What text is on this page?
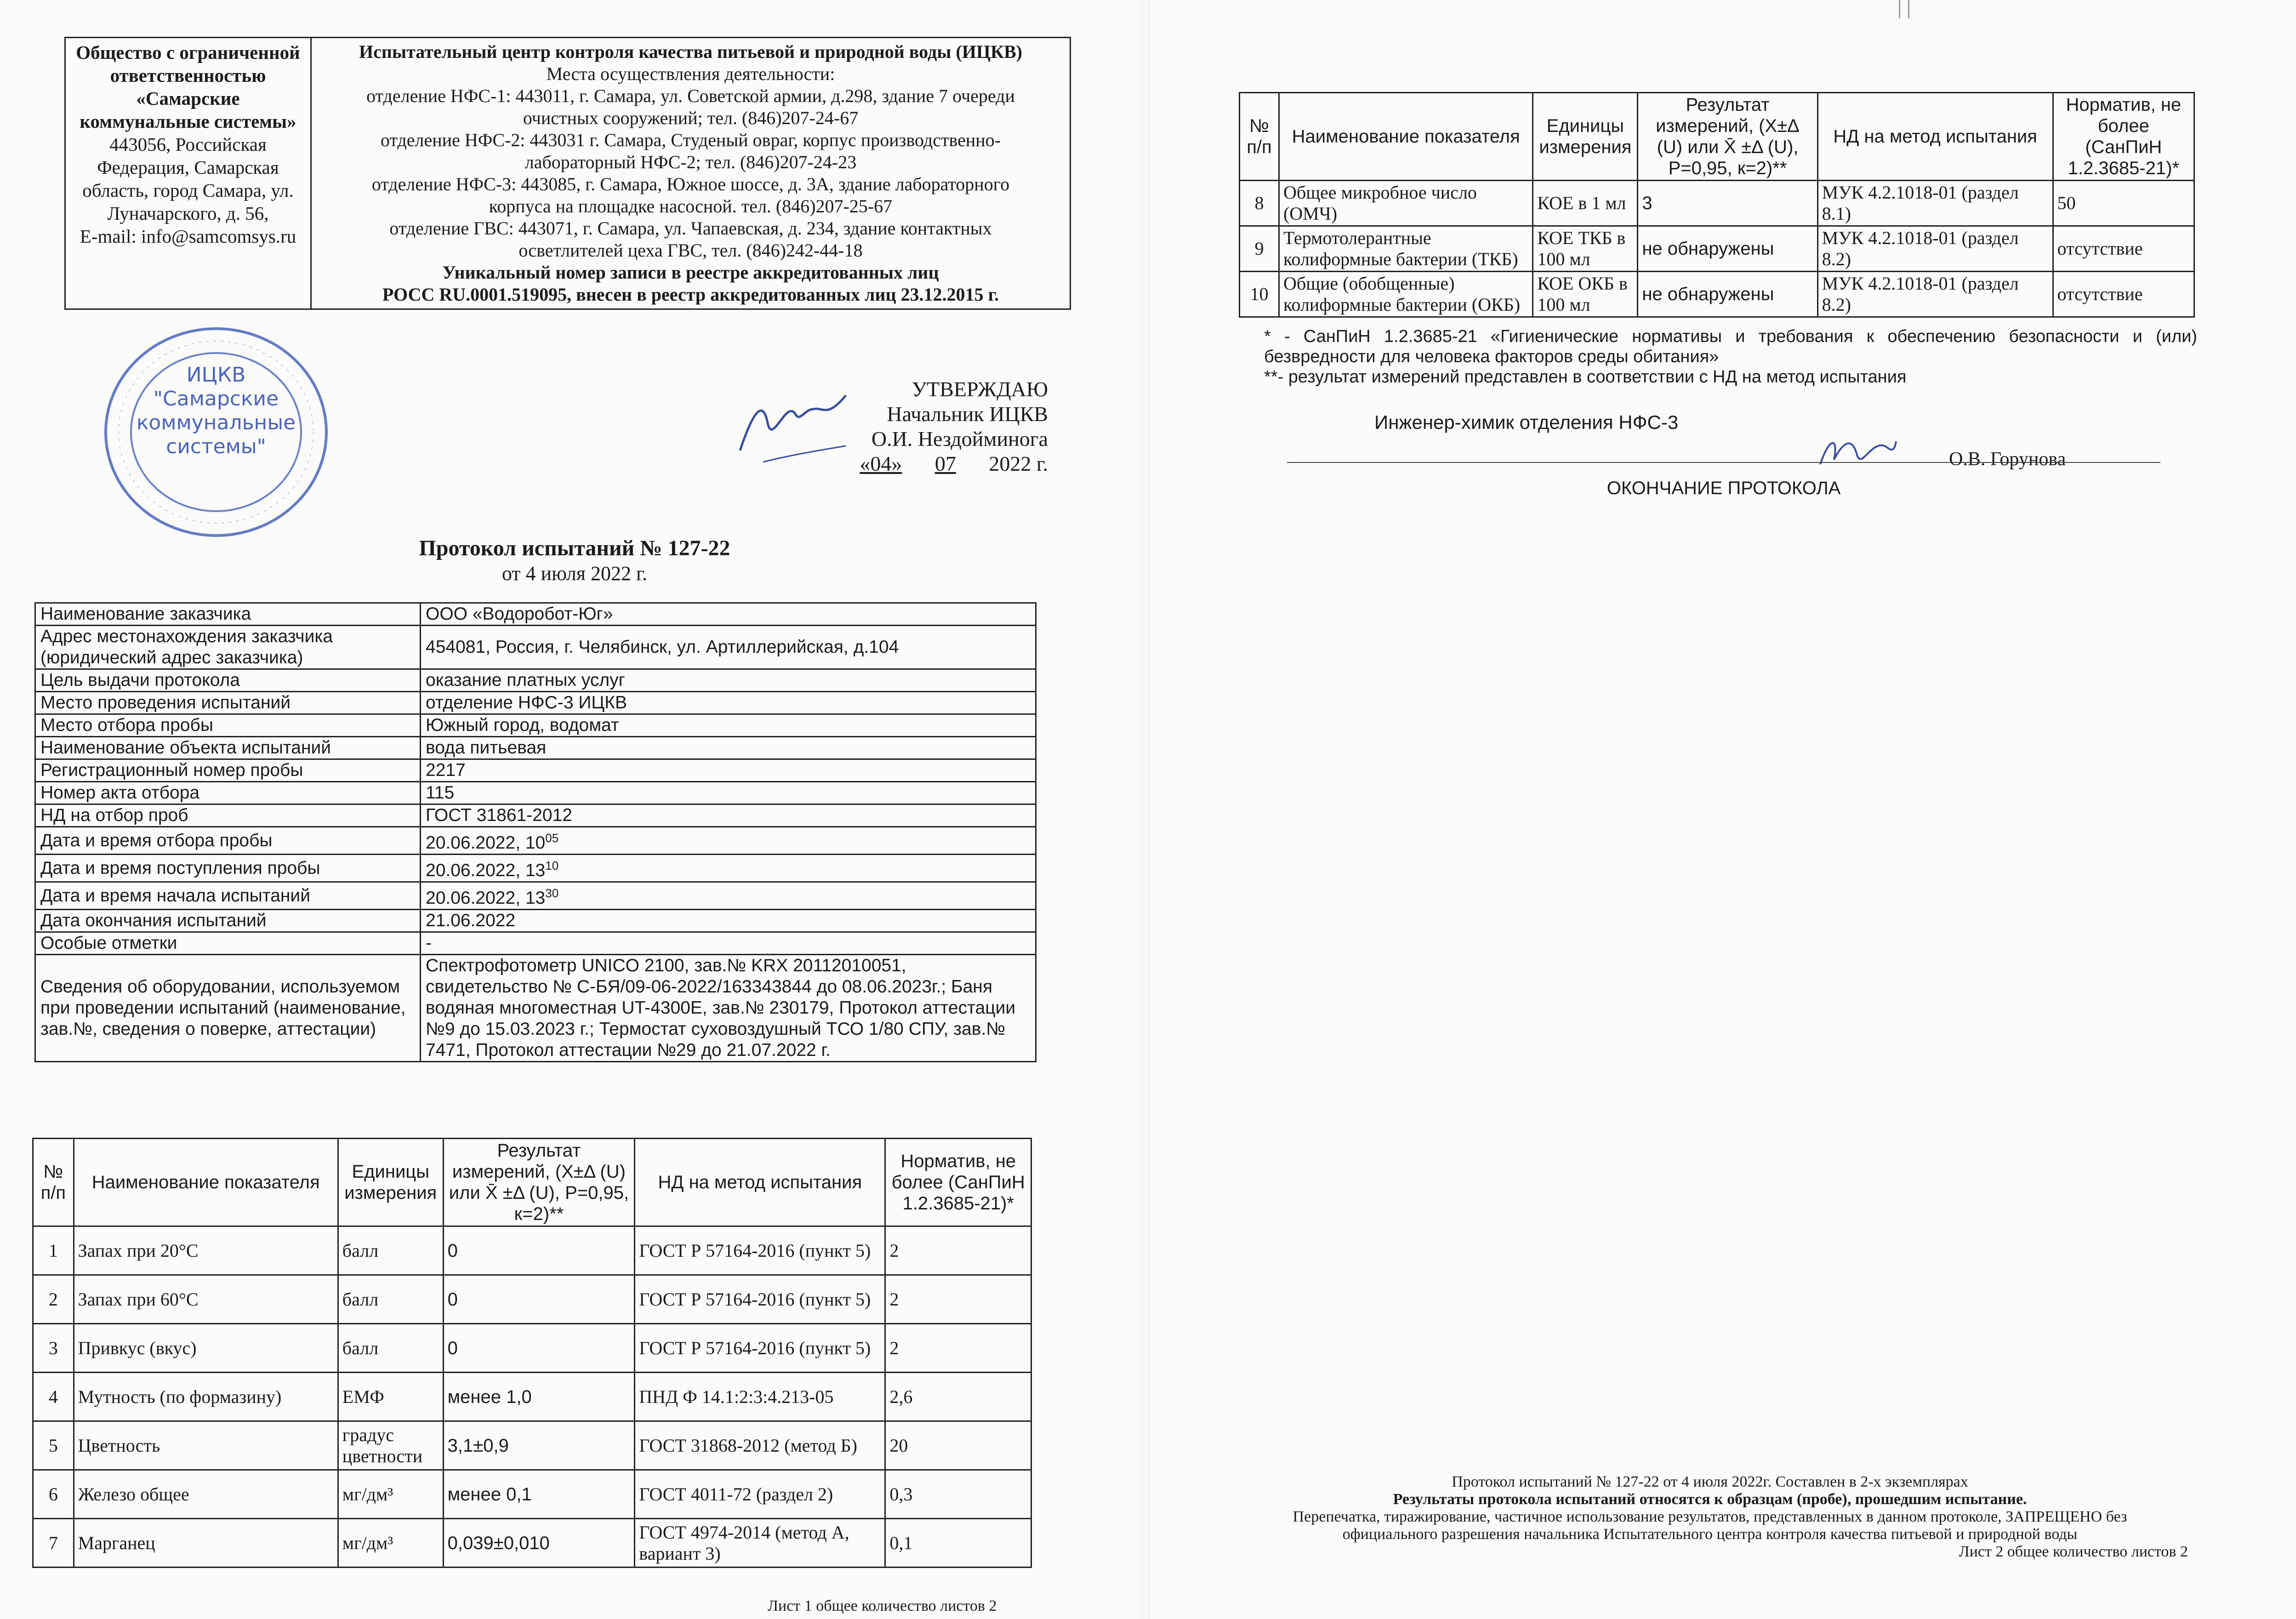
Общество с ограниченной
ответственностью
«Самарские
коммунальные системы»
443056, Российская
Федерация, Самарская
область, город Самара, ул.
Луначарского, д. 56,
E-mail: info@samcomsys.ru	Испытательный центр контроля качества питьевой и природной воды (ИЦКВ)
Места осуществления деятельности:
отделение НФС-1: 443011, г. Самара, ул. Советской армии, д.298, здание 7 очереди
очистных сооружений; тел. (846)207-24-67
отделение НФС-2: 443031 г. Самара, Студеный овраг, корпус производственно-
лабораторный НФС-2; тел. (846)207-24-23
отделение НФС-3: 443085, г. Самара, Южное шоссе, д. 3А, здание лабораторного
корпуса на площадке насосной. тел. (846)207-25-67
отделение ГВС: 443071, г. Самара, ул. Чапаевская, д. 234, здание контактных
осветлителей цеха ГВС, тел. (846)242-44-18
Уникальный номер записи в реестре аккредитованных лиц
РОСС RU.0001.519095, внесен в реестр аккредитованных лиц 23.12.2015 г.
ИЦКВ
"Самарские
коммунальные
системы"
УТВЕРЖДАЮ
Начальник ИЦКВ
О.И. Нездойминога
«04» 07 2022 г.
Протокол испытаний № 127-22
от 4 июля 2022 г.
Наименование заказчика	ООО «Водоробот-Юг»
Адрес местонахождения заказчика (юридический адрес заказчика)	454081, Россия, г. Челябинск, ул. Артиллерийская, д.104
Цель выдачи протокола	оказание платных услуг
Место проведения испытаний	отделение НФС-3 ИЦКВ
Место отбора пробы	Южный город, водомат
Наименование объекта испытаний	вода питьевая
Регистрационный номер пробы	2217
Номер акта отбора	115
НД на отбор проб	ГОСТ 31861-2012
Дата и время отбора пробы	20.06.2022, $10^{05}$
Дата и время поступления пробы	20.06.2022, $13^{10}$
Дата и время начала испытаний	20.06.2022, $13^{30}$
Дата окончания испытаний	21.06.2022
Особые отметки	-
Сведения об оборудовании, используемом при проведении испытаний (наименование, зав.№, сведения о поверке, аттестации)	Спектрофотометр UNICO 2100, зав.№ KRX 20112010051, свидетельство № С-БЯ/09-06-2022/163343844 до 08.06.2023г.; Баня водяная многоместная UT-4300E, зав.№ 230179, Протокол аттестации №9 до 15.03.2023 г.; Термостат суховоздушный ТСО 1/80 СПУ, зав.№ 7471, Протокол аттестации №29 до 21.07.2022 г.
№ п/п	Наименование показателя	Единицы измерения	Результат измерений, (X±Δ (U) или X̄ ±Δ (U), P=0,95, к=2)**	НД на метод испытания	Норматив, не более (СанПиН 1.2.3685-21)*
1	Запах при 20°С	балл	0	ГОСТ Р 57164-2016 (пункт 5)	2
2	Запах при 60°С	балл	0	ГОСТ Р 57164-2016 (пункт 5)	2
3	Привкус (вкус)	балл	0	ГОСТ Р 57164-2016 (пункт 5)	2
4	Мутность (по формазину)	ЕМФ	менее 1,0	ПНД Ф 14.1:2:3:4.213-05	2,6
5	Цветность	градус цветности	3,1±0,9	ГОСТ 31868-2012 (метод Б)	20
6	Железо общее	мг/дм³	менее 0,1	ГОСТ 4011-72 (раздел 2)	0,3
7	Марганец	мг/дм³	0,039±0,010	ГОСТ 4974-2014 (метод А, вариант 3)	0,1
Лист 1 общее количество листов 2
№ п/п	Наименование показателя	Единицы измерения	Результат измерений, (X±Δ (U) или X̄ ±Δ (U), P=0,95, к=2)**	НД на метод испытания	Норматив, не более (СанПиН 1.2.3685-21)*
8	Общее микробное число (ОМЧ)	КОЕ в 1 мл	3	МУК 4.2.1018-01 (раздел 8.1)	50
9	Термотолерантные колиформные бактерии (ТКБ)	КОЕ ТКБ в 100 мл	не обнаружены	МУК 4.2.1018-01 (раздел 8.2)	отсутствие
10	Общие (обобщенные) колиформные бактерии (ОКБ)	КОЕ ОКБ в 100 мл	не обнаружены	МУК 4.2.1018-01 (раздел 8.2)	отсутствие
* - СанПиН 1.2.3685-21 «Гигиенические нормативы и требования к обеспечению безопасности и (или) безвредности для человека факторов среды обитания»
**- результат измерений представлен в соответствии с НД на метод испытания
Инженер-химик отделения НФС-3
О.В. Горунова
ОКОНЧАНИЕ ПРОТОКОЛА
Протокол испытаний № 127-22 от 4 июля 2022г. Составлен в 2-х экземплярах
Результаты протокола испытаний относятся к образцам (пробе), прошедшим испытание.
Перепечатка, тиражирование, частичное использование результатов, представленных в данном протоколе, ЗАПРЕЩЕНО без
официального разрешения начальника Испытательного центра контроля качества питьевой и природной воды
Лист 2 общее количество листов 2
